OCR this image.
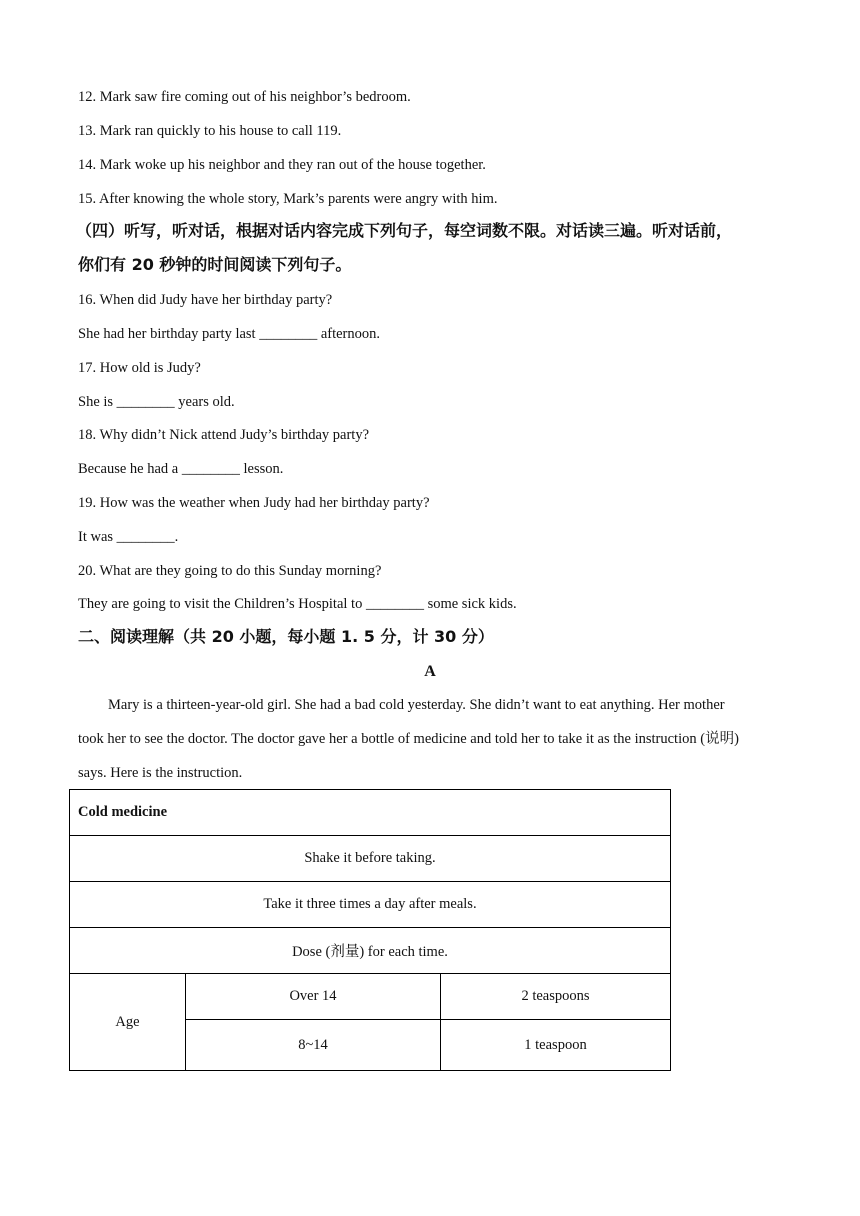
12. Mark saw fire coming out of his neighbor’s bedroom.
13. Mark ran quickly to his house to call 119.
14. Mark woke up his neighbor and they ran out of the house together.
15. After knowing the whole story, Mark’s parents were angry with him.
（四）听写，听对话，根据对话内容完成下列句子，每空词数不限。对话读三遍。听对话前，
你们有 20 秒钟的时间阅读下列句子。
16. When did Judy have her birthday party?
She had her birthday party last ________ afternoon.
17. How old is Judy?
She is ________ years old.
18. Why didn’t Nick attend Judy’s birthday party?
Because he had a ________ lesson.
19. How was the weather when Judy had her birthday party?
It was ________.
20. What are they going to do this Sunday morning?
They are going to visit the Children’s Hospital to ________ some sick kids.
二、阅读理解（共 20 小题，每小题 1. 5 分，计 30 分）
A
Mary is a thirteen-year-old girl. She had a bad cold yesterday. She didn’t want to eat anything. Her mother
took her to see the doctor. The doctor gave her a bottle of medicine and told her to take it as the instruction (说明)
says. Here is the instruction.
Cold medicine		
Shake it before taking.		
Take it three times a day after meals.		
Dose (剂量) for each time.		
Age	Over 14	2 teaspoons
	8~14	1 teaspoon
